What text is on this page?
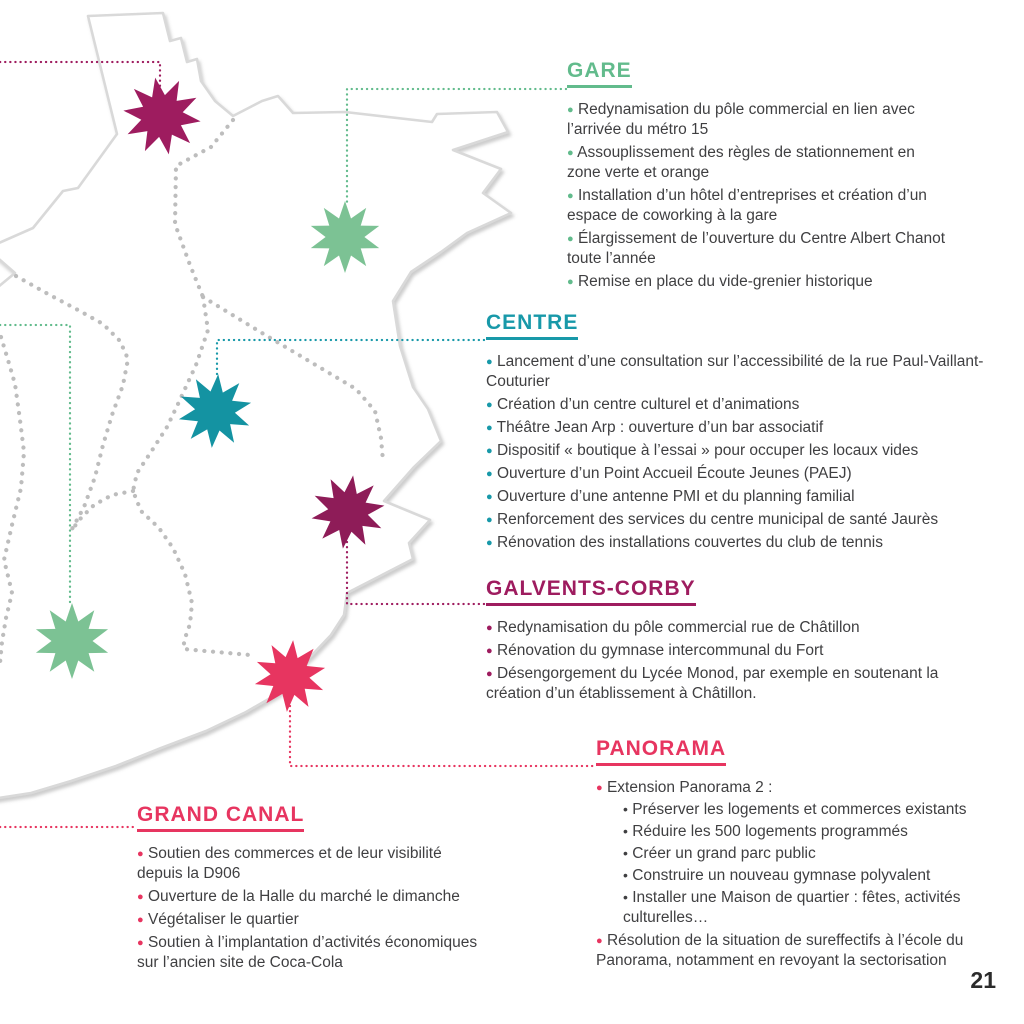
GARE
● Redynamisation du pôle commercial en lien avec l’arrivée du métro 15
● Assouplissement des règles de stationnement en zone verte et orange
● Installation d’un hôtel d’entreprises et création d’un espace de coworking à la gare
● Élargissement de l’ouverture du Centre Albert Chanot toute l’année
● Remise en place du vide-grenier historique
CENTRE
● Lancement d’une consultation sur l’accessibilité de la rue Paul-Vaillant-Couturier
● Création d’un centre culturel et d’animations
● Théâtre Jean Arp : ouverture d’un bar associatif
● Dispositif « boutique à l’essai » pour occuper les locaux vides
● Ouverture d’un Point Accueil Écoute Jeunes (PAEJ)
● Ouverture d’une antenne PMI et du planning familial
● Renforcement des services du centre municipal de santé Jaurès
● Rénovation des installations couvertes du club de tennis
GALVENTS-CORBY
● Redynamisation du pôle commercial rue de Châtillon
● Rénovation du gymnase intercommunal du Fort
● Désengorgement du Lycée Monod, par exemple en soutenant la création d’un établissement à Châtillon.
PANORAMA
● Extension Panorama 2 :
• Préserver les logements et commerces existants
• Réduire les 500 logements programmés
• Créer un grand parc public
• Construire un nouveau gymnase polyvalent
• Installer une Maison de quartier : fêtes, activités culturelles…
● Résolution de la situation de sureffectifs à l’école du Panorama, notamment en revoyant la sectorisation
GRAND CANAL
● Soutien des commerces et de leur visibilité depuis la D906
● Ouverture de la Halle du marché le dimanche
● Végétaliser le quartier
● Soutien à l’implantation d’activités économiques sur l’ancien site de Coca-Cola
21
